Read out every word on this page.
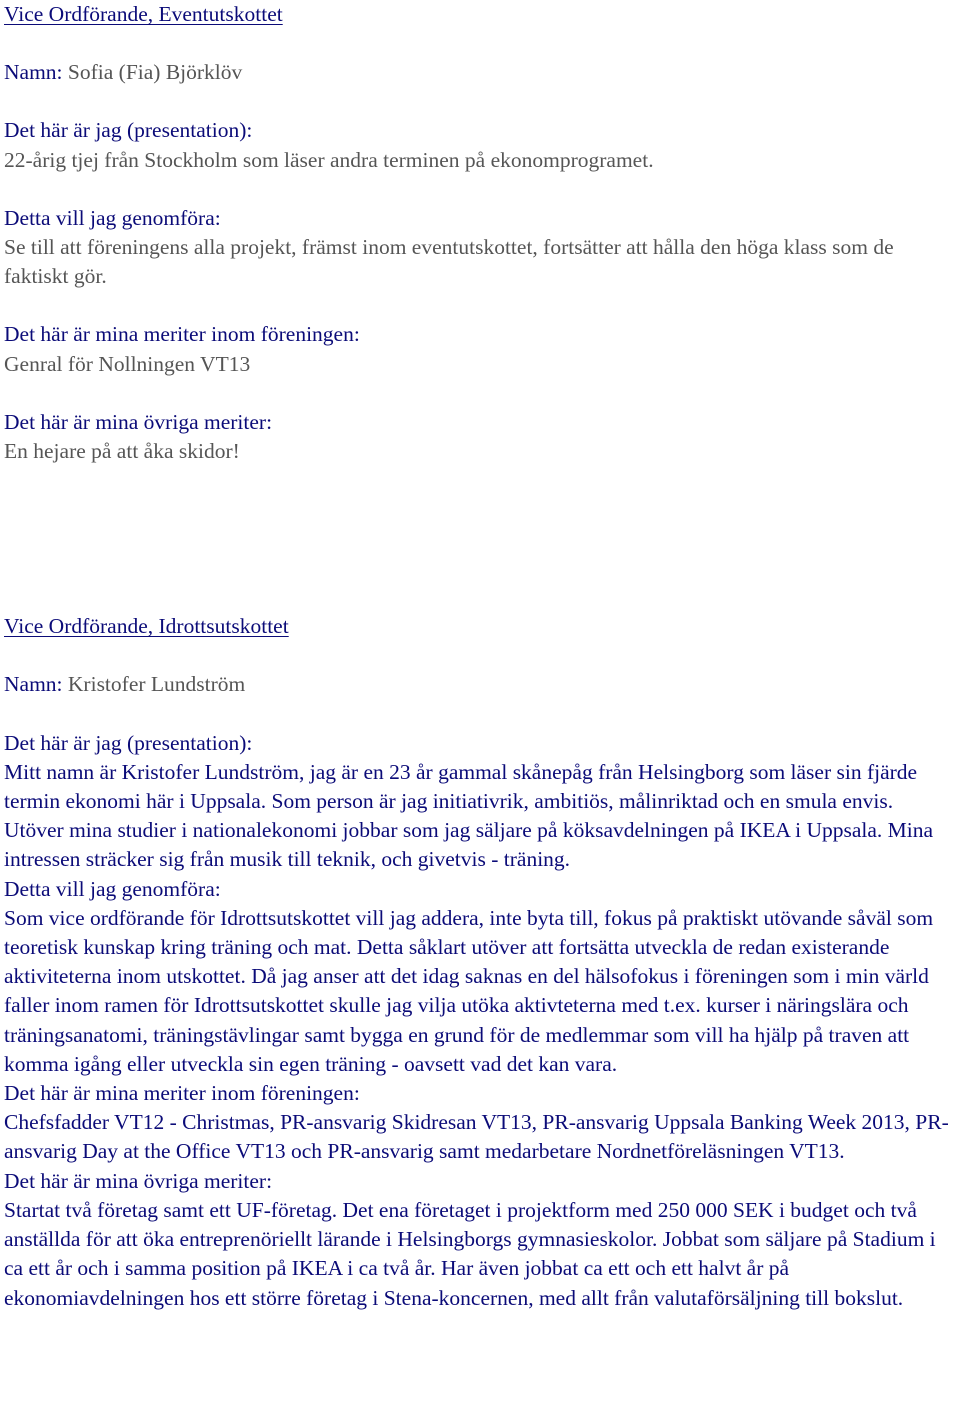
Vice Ordförande, Eventutskottet

Namn: Sofia (Fia) Björklöv

Det här är jag (presentation):

22-årig tjej från Stockholm som läser andra terminen på ekonomprogramet.

Detta vill jag genomföra:

Se till att föreningens alla projekt, främst inom eventutskottet, fortsätter att hålla den höga klass som de faktiskt gör.

Det här är mina meriter inom föreningen:

Genral för Nollningen VT13

Det här är mina övriga meriter:

En hejare på att åka skidor!

Vice Ordförande, Idrottsutskottet

Namn: Kristofer Lundström

Det här är jag (presentation):

Mitt namn är Kristofer Lundström, jag är en 23 år gammal skånepåg från Helsingborg som läser sin fjärde termin ekonomi här i Uppsala. Som person är jag initiativrik, ambitiös, målinriktad och en smula envis. Utöver mina studier i nationalekonomi jobbar som jag säljare på köksavdelningen på IKEA i Uppsala. Mina intressen sträcker sig från musik till teknik, och givetvis - träning.

Detta vill jag genomföra:

Som vice ordförande för Idrottsutskottet vill jag addera, inte byta till, fokus på praktiskt utövande såväl som teoretisk kunskap kring träning och mat. Detta såklart utöver att fortsätta utveckla de redan existerande aktiviteterna inom utskottet. Då jag anser att det idag saknas en del hälsofokus i föreningen som i min värld faller inom ramen för Idrottsutskottet skulle jag vilja utöka aktivteterna med t.ex. kurser i näringslära och träningsanatomi, träningstävlingar samt bygga en grund för de medlemmar som vill ha hjälp på traven att komma igång eller utveckla sin egen träning - oavsett vad det kan vara.

Det här är mina meriter inom föreningen:

Chefsfadder VT12 - Christmas, PR-ansvarig Skidresan VT13, PR-ansvarig Uppsala Banking Week 2013, PR-ansvarig Day at the Office VT13 och PR-ansvarig samt medarbetare Nordnetföreläsningen VT13.

Det här är mina övriga meriter:

Startat två företag samt ett UF-företag. Det ena företaget i projektform med 250 000 SEK i budget och två anställda för att öka entreprenöriellt lärande i Helsingborgs gymnasieskolor. Jobbat som säljare på Stadium i ca ett år och i samma position på IKEA i ca två år. Har även jobbat ca ett och ett halvt år på ekonomiavdelningen hos ett större företag i Stena-koncernen, med allt från valutaförsäljning till bokslut.
